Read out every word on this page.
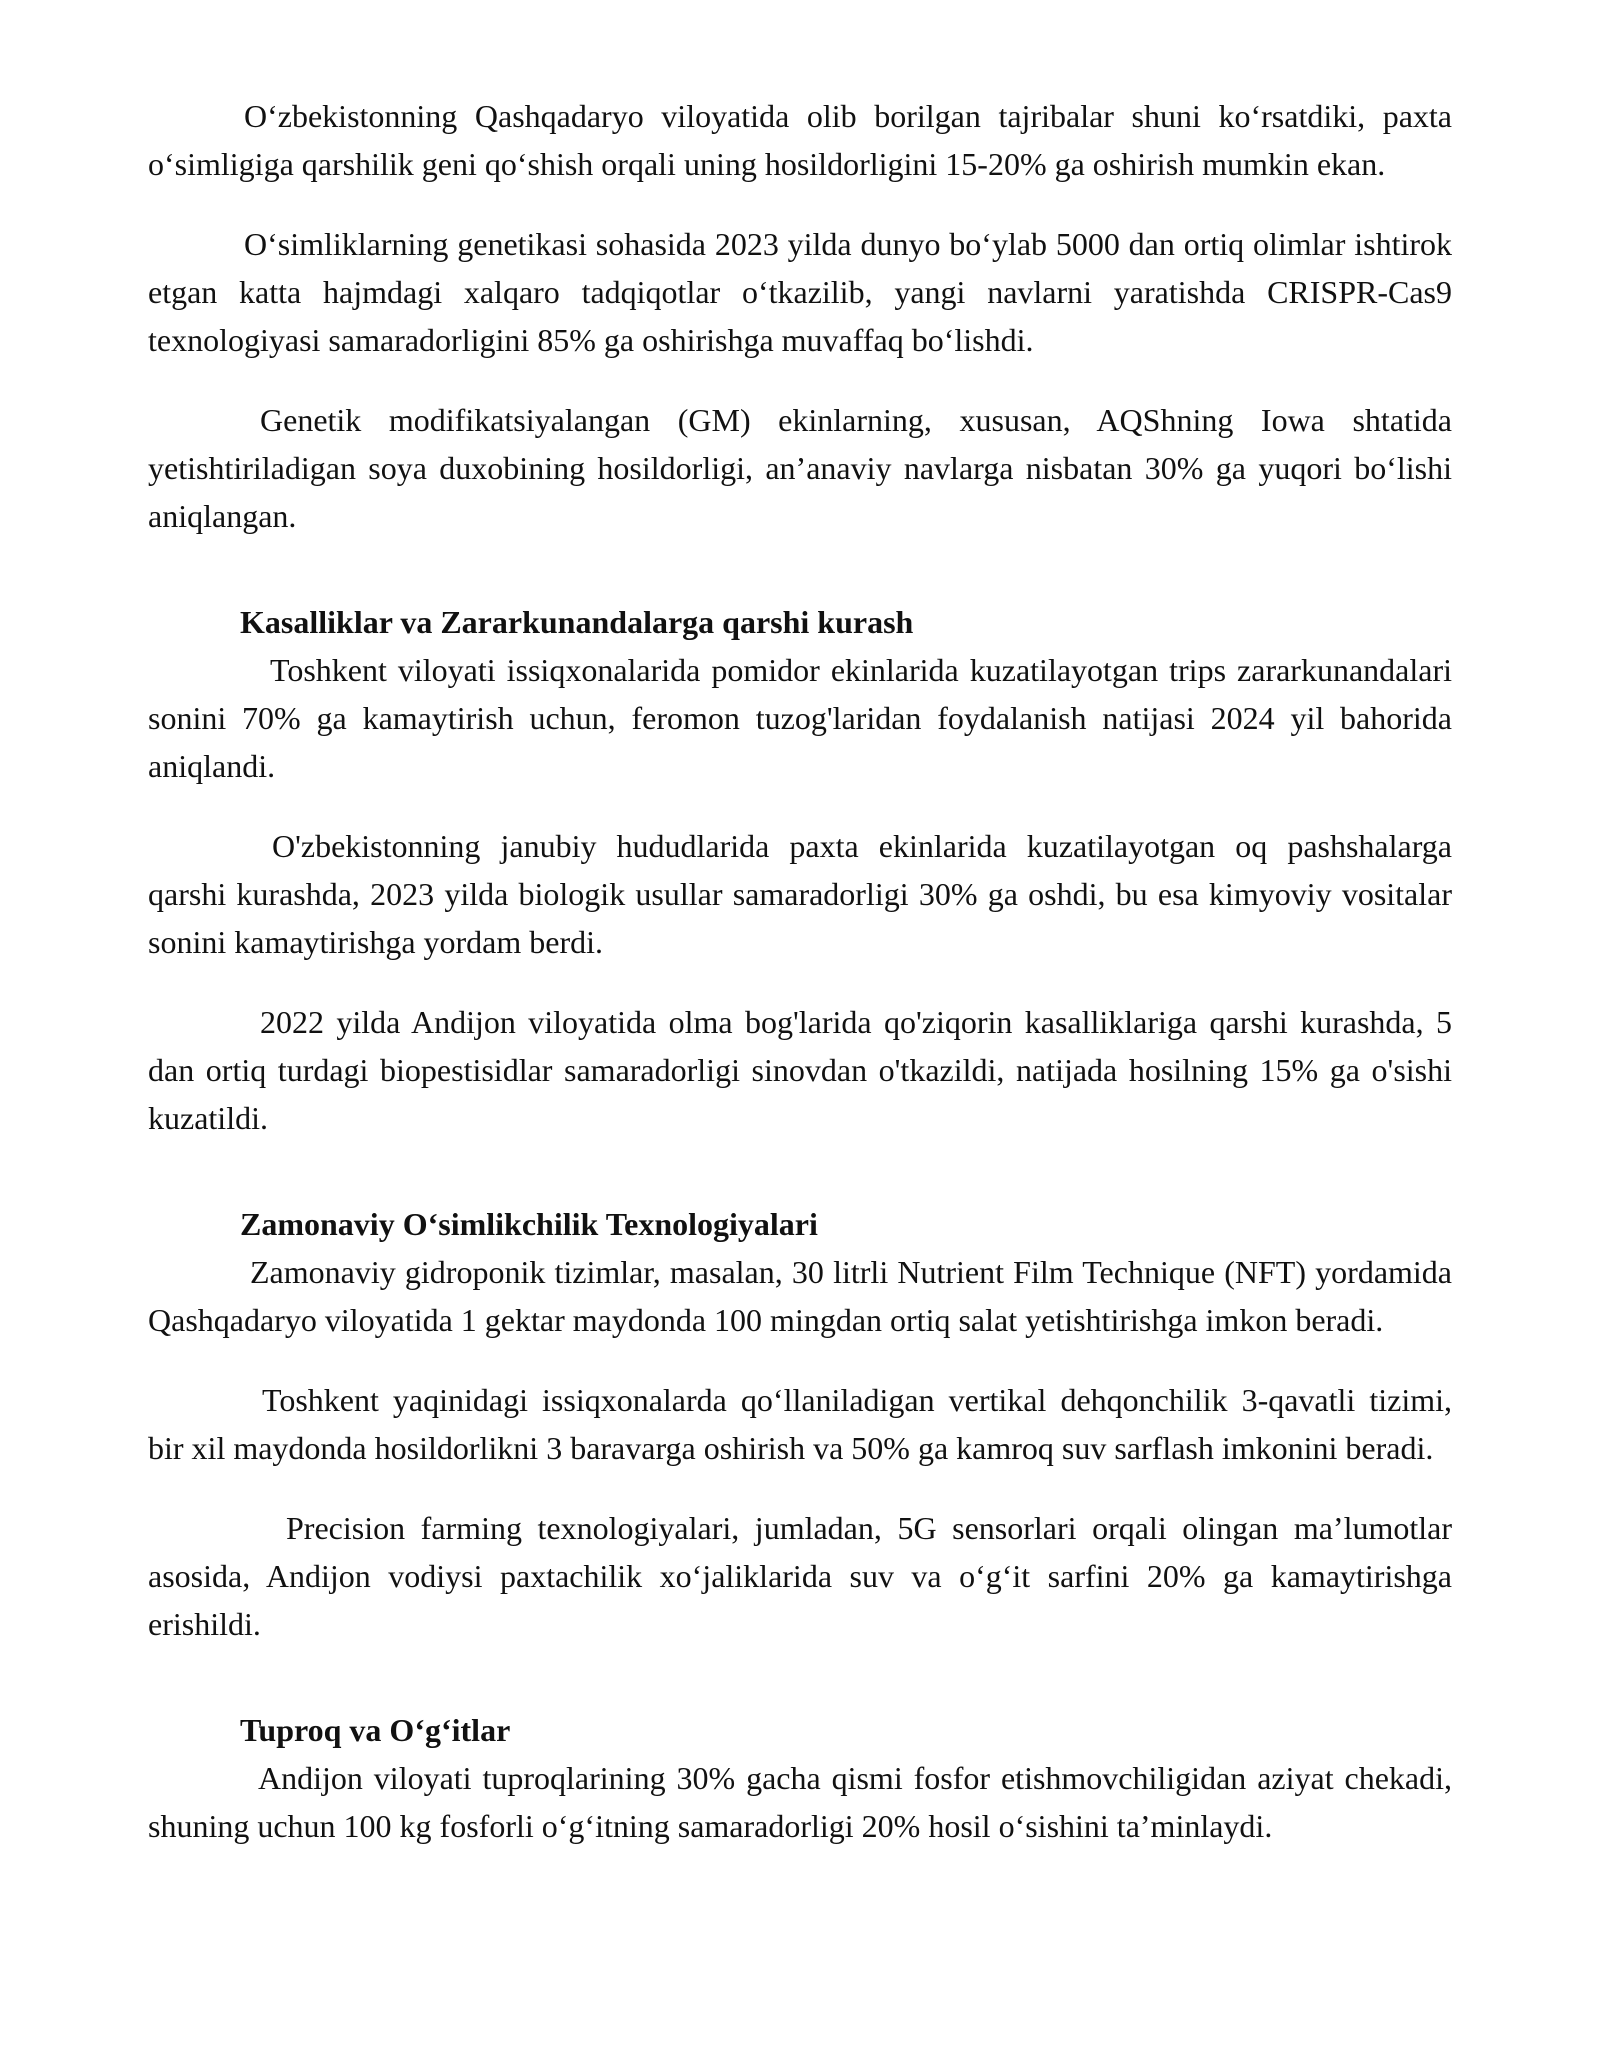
O‘zbekistonning Qashqadaryo viloyatida olib borilgan tajribalar shuni ko‘rsatdiki, paxta o‘simligiga qarshilik geni qo‘shish orqali uning hosildorligini 15-20% ga oshirish mumkin ekan.

O‘simliklarning genetikasi sohasida 2023 yilda dunyo bo‘ylab 5000 dan ortiq olimlar ishtirok etgan katta hajmdagi xalqaro tadqiqotlar o‘tkazilib, yangi navlarni yaratishda CRISPR-Cas9 texnologiyasi samaradorligini 85% ga oshirishga muvaffaq bo‘lishdi.

Genetik modifikatsiyalangan (GM) ekinlarning, xususan, AQShning Iowa shtatida yetishtiriladigan soya duxobining hosildorligi, an’anaviy navlarga nisbatan 30% ga yuqori bo‘lishi aniqlangan.

Kasalliklar va Zararkunandalarga qarshi kurash

Toshkent viloyati issiqxonalarida pomidor ekinlarida kuzatilayotgan trips zararkunandalari sonini 70% ga kamaytirish uchun, feromon tuzog'laridan foydalanish natijasi 2024 yil bahorida aniqlandi.

O'zbekistonning janubiy hududlarida paxta ekinlarida kuzatilayotgan oq pashshalarga qarshi kurashda, 2023 yilda biologik usullar samaradorligi 30% ga oshdi, bu esa kimyoviy vositalar sonini kamaytirishga yordam berdi.

2022 yilda Andijon viloyatida olma bog'larida qo'ziqorin kasalliklariga qarshi kurashda, 5 dan ortiq turdagi biopestisidlar samaradorligi sinovdan o'tkazildi, natijada hosilning 15% ga o'sishi kuzatildi.

Zamonaviy O‘simlikchilik Texnologiyalari

Zamonaviy gidroponik tizimlar, masalan, 30 litrli Nutrient Film Technique (NFT) yordamida Qashqadaryo viloyatida 1 gektar maydonda 100 mingdan ortiq salat yetishtirishga imkon beradi.

Toshkent yaqinidagi issiqxonalarda qo‘llaniladigan vertikal dehqonchilik 3-qavatli tizimi, bir xil maydonda hosildorlikni 3 baravarga oshirish va 50% ga kamroq suv sarflash imkonini beradi.

Precision farming texnologiyalari, jumladan, 5G sensorlari orqali olingan ma’lumotlar asosida, Andijon vodiysi paxtachilik xo‘jaliklarida suv va o‘g‘it sarfini 20% ga kamaytirishga erishildi.

Tuproq va O‘g‘itlar

Andijon viloyati tuproqlarining 30% gacha qismi fosfor etishmovchiligidan aziyat chekadi, shuning uchun 100 kg fosforli o‘g‘itning samaradorligi 20% hosil o‘sishini ta’minlaydi.
